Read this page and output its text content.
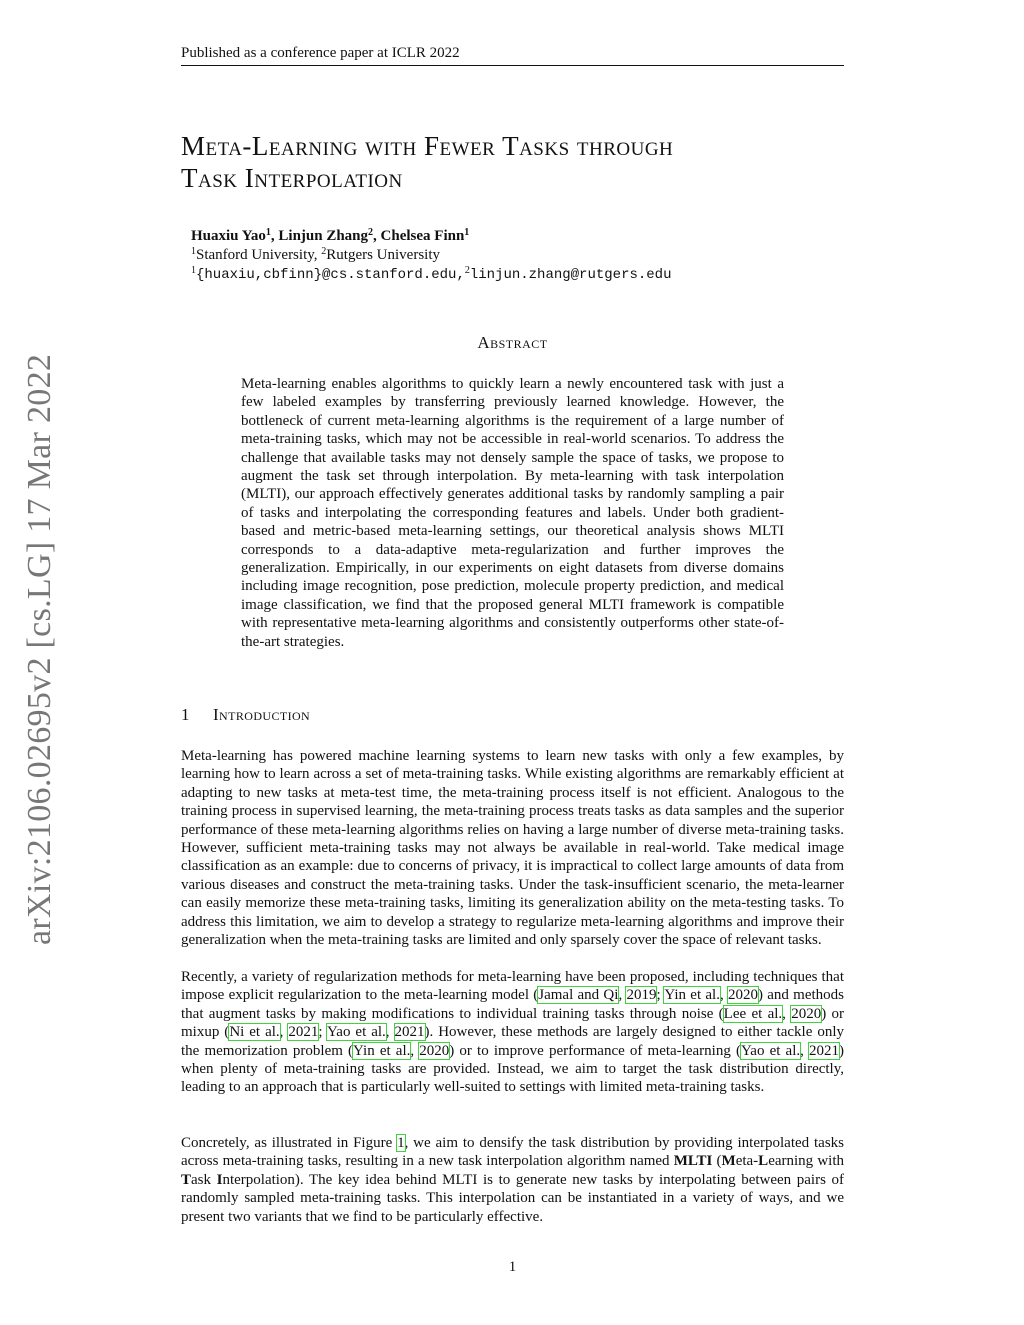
Published as a conference paper at ICLR 2022
arXiv:2106.02695v2 [cs.LG] 17 Mar 2022
Meta-Learning with Fewer Tasks through
Task Interpolation
Huaxiu Yao$^1$, Linjun Zhang$^2$, Chelsea Finn$^1$
$^1$Stanford University, $^2$Rutgers University
$^1${huaxiu,cbfinn}@cs.stanford.edu,$^2$linjun.zhang@rutgers.edu
Abstract
Meta-learning enables algorithms to quickly learn a newly encountered task with just a few labeled examples by transferring previously learned knowledge. However, the bottleneck of current meta-learning algorithms is the requirement of a large number of meta-training tasks, which may not be accessible in real-world scenarios. To address the challenge that available tasks may not densely sample the space of tasks, we propose to augment the task set through interpolation. By meta-learning with task interpolation (MLTI), our approach effectively generates additional tasks by randomly sampling a pair of tasks and interpolating the corresponding features and labels. Under both gradient-based and metric-based meta-learning settings, our theoretical analysis shows MLTI corresponds to a data-adaptive meta-regularization and further improves the generalization. Empirically, in our experiments on eight datasets from diverse domains including image recognition, pose prediction, molecule property prediction, and medical image classification, we find that the proposed general MLTI framework is compatible with representative meta-learning algorithms and consistently outperforms other state-of-the-art strategies.
1 Introduction

Meta-learning has powered machine learning systems to learn new tasks with only a few examples, by learning how to learn across a set of meta-training tasks. While existing algorithms are remarkably efficient at adapting to new tasks at meta-test time, the meta-training process itself is not efficient. Analogous to the training process in supervised learning, the meta-training process treats tasks as data samples and the superior performance of these meta-learning algorithms relies on having a large number of diverse meta-training tasks. However, sufficient meta-training tasks may not always be available in real-world. Take medical image classification as an example: due to concerns of privacy, it is impractical to collect large amounts of data from various diseases and construct the meta-training tasks. Under the task-insufficient scenario, the meta-learner can easily memorize these meta-training tasks, limiting its generalization ability on the meta-testing tasks. To address this limitation, we aim to develop a strategy to regularize meta-learning algorithms and improve their generalization when the meta-training tasks are limited and only sparsely cover the space of relevant tasks.

Recently, a variety of regularization methods for meta-learning have been proposed, including techniques that impose explicit regularization to the meta-learning model (Jamal and Qi, 2019; Yin et al., 2020) and methods that augment tasks by making modifications to individual training tasks through noise (Lee et al., 2020) or mixup (Ni et al., 2021; Yao et al., 2021). However, these methods are largely designed to either tackle only the memorization problem (Yin et al., 2020) or to improve performance of meta-learning (Yao et al., 2021) when plenty of meta-training tasks are provided. Instead, we aim to target the task distribution directly, leading to an approach that is particularly well-suited to settings with limited meta-training tasks.

Concretely, as illustrated in Figure 1, we aim to densify the task distribution by providing interpolated tasks across meta-training tasks, resulting in a new task interpolation algorithm named MLTI (Meta-Learning with Task Interpolation). The key idea behind MLTI is to generate new tasks by interpolating between pairs of randomly sampled meta-training tasks. This interpolation can be instantiated in a variety of ways, and we present two variants that we find to be particularly effective.

1
